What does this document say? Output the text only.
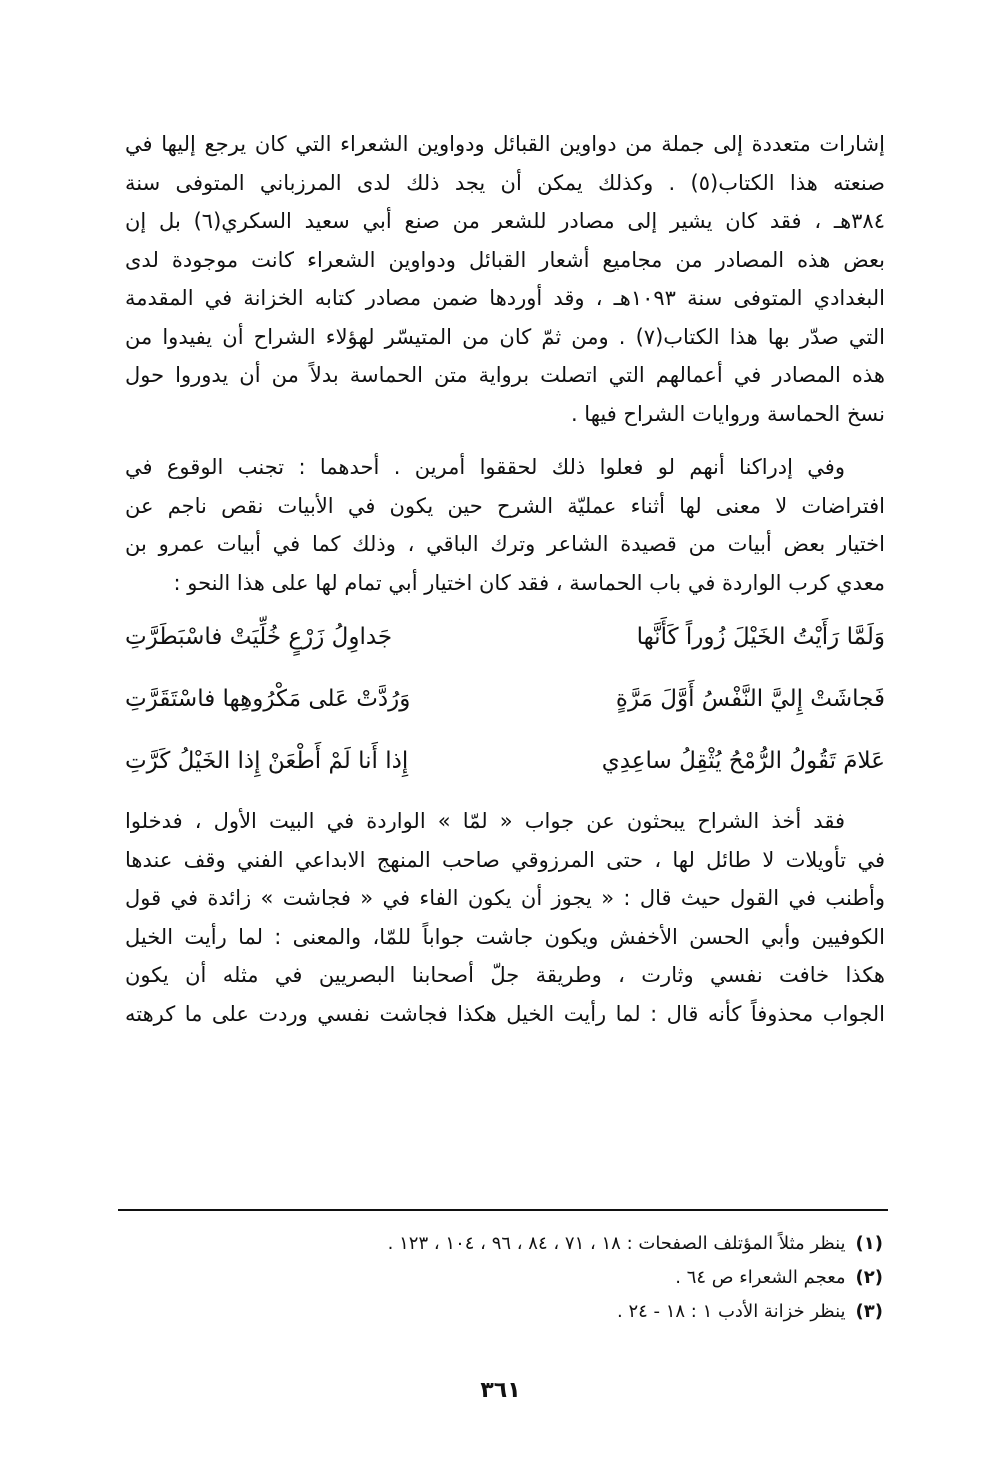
إشارات متعددة إلى جملة من دواوين القبائل ودواوين الشعراء التي كان يرجع إليها في
صنعته هذا الكتاب(٥) . وكذلك يمكن أن يجد ذلك لدى المرزباني المتوفى سنة
٣٨٤هـ ، فقد كان يشير إلى مصادر للشعر من صنع أبي سعيد السكري(٦) بل إن
بعض هذه المصادر من مجاميع أشعار القبائل ودواوين الشعراء كانت موجودة لدى
البغدادي المتوفى سنة ١٠٩٣هـ ، وقد أوردها ضمن مصادر كتابه الخزانة في المقدمة
التي صدّر بها هذا الكتاب(٧) . ومن ثمّ كان من المتيسّر لهؤلاء الشراح أن يفيدوا من
هذه المصادر في أعمالهم التي اتصلت برواية متن الحماسة بدلاً من أن يدوروا حول
نسخ الحماسة وروايات الشراح فيها .

وفي إدراكنا أنهم لو فعلوا ذلك لحققوا أمرين . أحدهما : تجنب الوقوع في
افتراضات لا معنى لها أثناء عمليّة الشرح حين يكون في الأبيات نقص ناجم عن
اختيار بعض أبيات من قصيدة الشاعر وترك الباقي ، وذلك كما في أبيات عمرو بن
معدي كرب الواردة في باب الحماسة ، فقد كان اختيار أبي تمام لها على هذا النحو :

وَلَمَّا رَأَيْتُ الخَيْلَ زُوراً كَأَنَّها
جَداوِلُ زَرْعٍ خُلِّيَتْ فاسْبَطَرَّتِ
فَجاشَتْ إِليَّ النَّفْسُ أَوَّلَ مَرَّةٍ
وَرُدَّتْ عَلى مَكْرُوهِها فاسْتَقَرَّتِ
عَلامَ تَقُولُ الرُّمْحُ يُثْقِلُ ساعِدِي
إِذا أَنا لَمْ أَطْعَنْ إِذا الخَيْلُ كَرَّتِ

فقد أخذ الشراح يبحثون عن جواب « لمّا » الواردة في البيت الأول ، فدخلوا
في تأويلات لا طائل لها ، حتى المرزوقي صاحب المنهج الابداعي الفني وقف عندها
وأطنب في القول حيث قال : « يجوز أن يكون الفاء في « فجاشت » زائدة في قول
الكوفيين وأبي الحسن الأخفش ويكون جاشت جواباً للمّا، والمعنى : لما رأيت الخيل
هكذا خافت نفسي وثارت ، وطريقة جلّ أصحابنا البصريين في مثله أن يكون
الجواب محذوفاً كأنه قال : لما رأيت الخيل هكذا فجاشت نفسي وردت على ما كرهته

(١)
ينظر مثلاً المؤتلف الصفحات : ١٨ ، ٧١ ، ٨٤ ، ٩٦ ، ١٠٤ ، ١٢٣ .
(٢)
معجم الشعراء ص ٦٤ .
(٣)
ينظر خزانة الأدب ١ : ١٨ - ٢٤ .
٣٦١
